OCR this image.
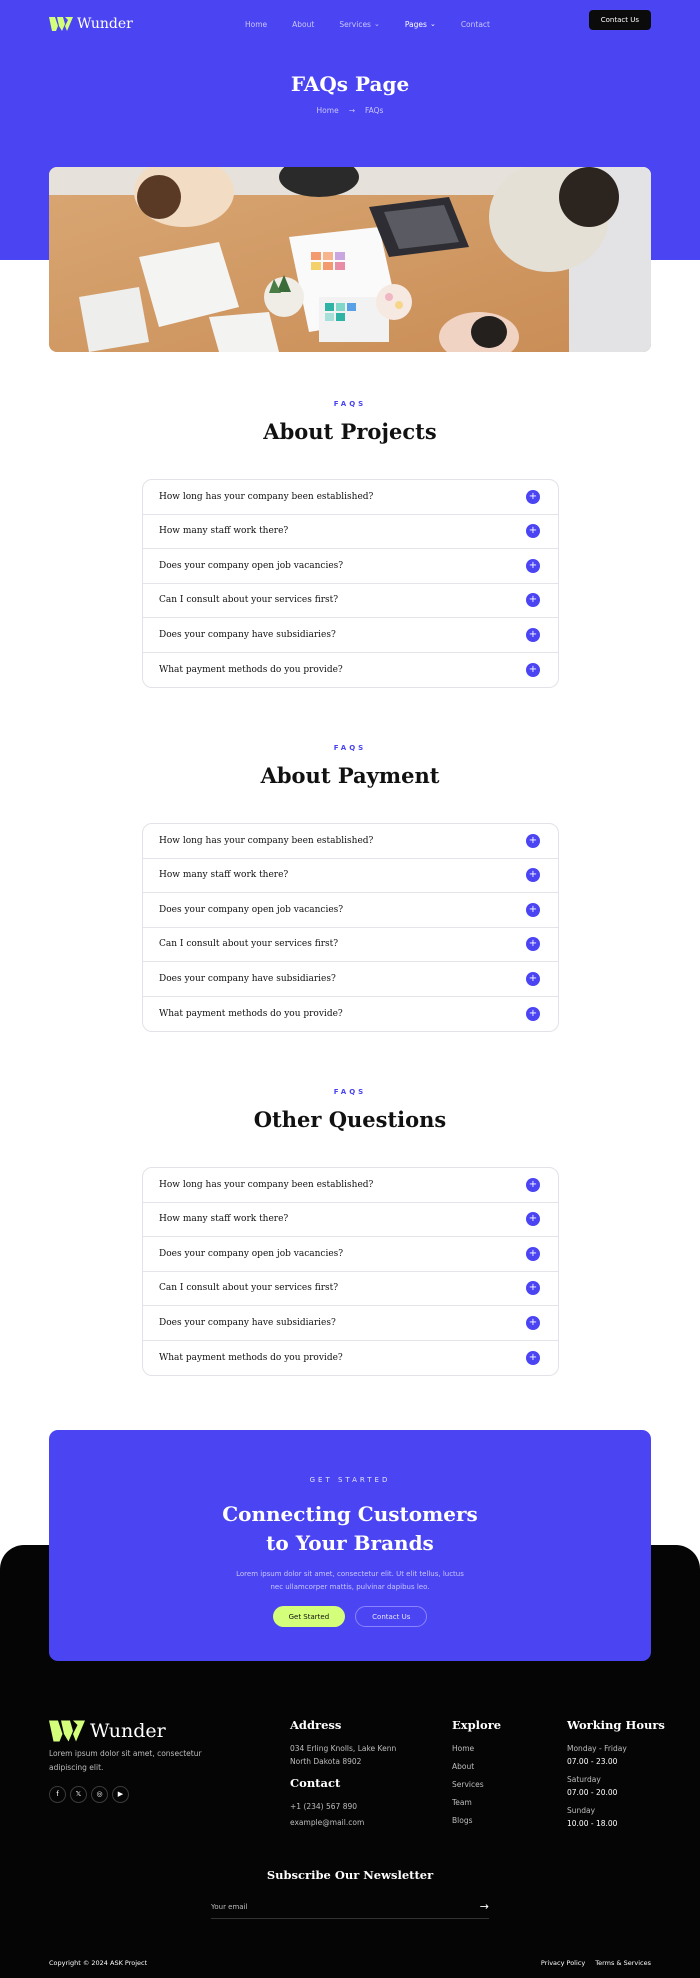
Wunder	Home	About	Services ⌄	Pages ⌄	Contact	Contact Us
FAQs Page
Home → FAQs
FAQS
About Projects
How long has your company been established?	+
How many staff work there?	+
Does your company open job vacancies?	+
Can I consult about your services first?	+
Does your company have subsidiaries?	+
What payment methods do you provide?	+
FAQS
About Payment
How long has your company been established?	+
How many staff work there?	+
Does your company open job vacancies?	+
Can I consult about your services first?	+
Does your company have subsidiaries?	+
What payment methods do you provide?	+
FAQS
Other Questions
How long has your company been established?	+
How many staff work there?	+
Does your company open job vacancies?	+
Can I consult about your services first?	+
Does your company have subsidiaries?	+
What payment methods do you provide?	+
GET STARTED
Connecting Customers to Your Brands

Lorem ipsum dolor sit amet, consectetur elit. Ut elit tellus, luctus nec ullamcorper mattis, pulvinar dapibus leo.

Get Started	Contact Us
Wunder

Lorem ipsum dolor sit amet, consectetur adipiscing elit.

f	𝕏	◎	▶
Address
034 Erling Knolls, Lake Kenn
North Dakota 8902
Contact
+1 (234) 567 890
example@mail.com
Explore
Home
About
Services
Team
Blogs
Working Hours
Monday - Friday
07.00 - 23.00
Saturday
07.00 - 20.00
Sunday
10.00 - 18.00
Subscribe Our Newsletter
Your email
→
Copyright © 2024 ASK Project	Privacy Policy Terms & Services
